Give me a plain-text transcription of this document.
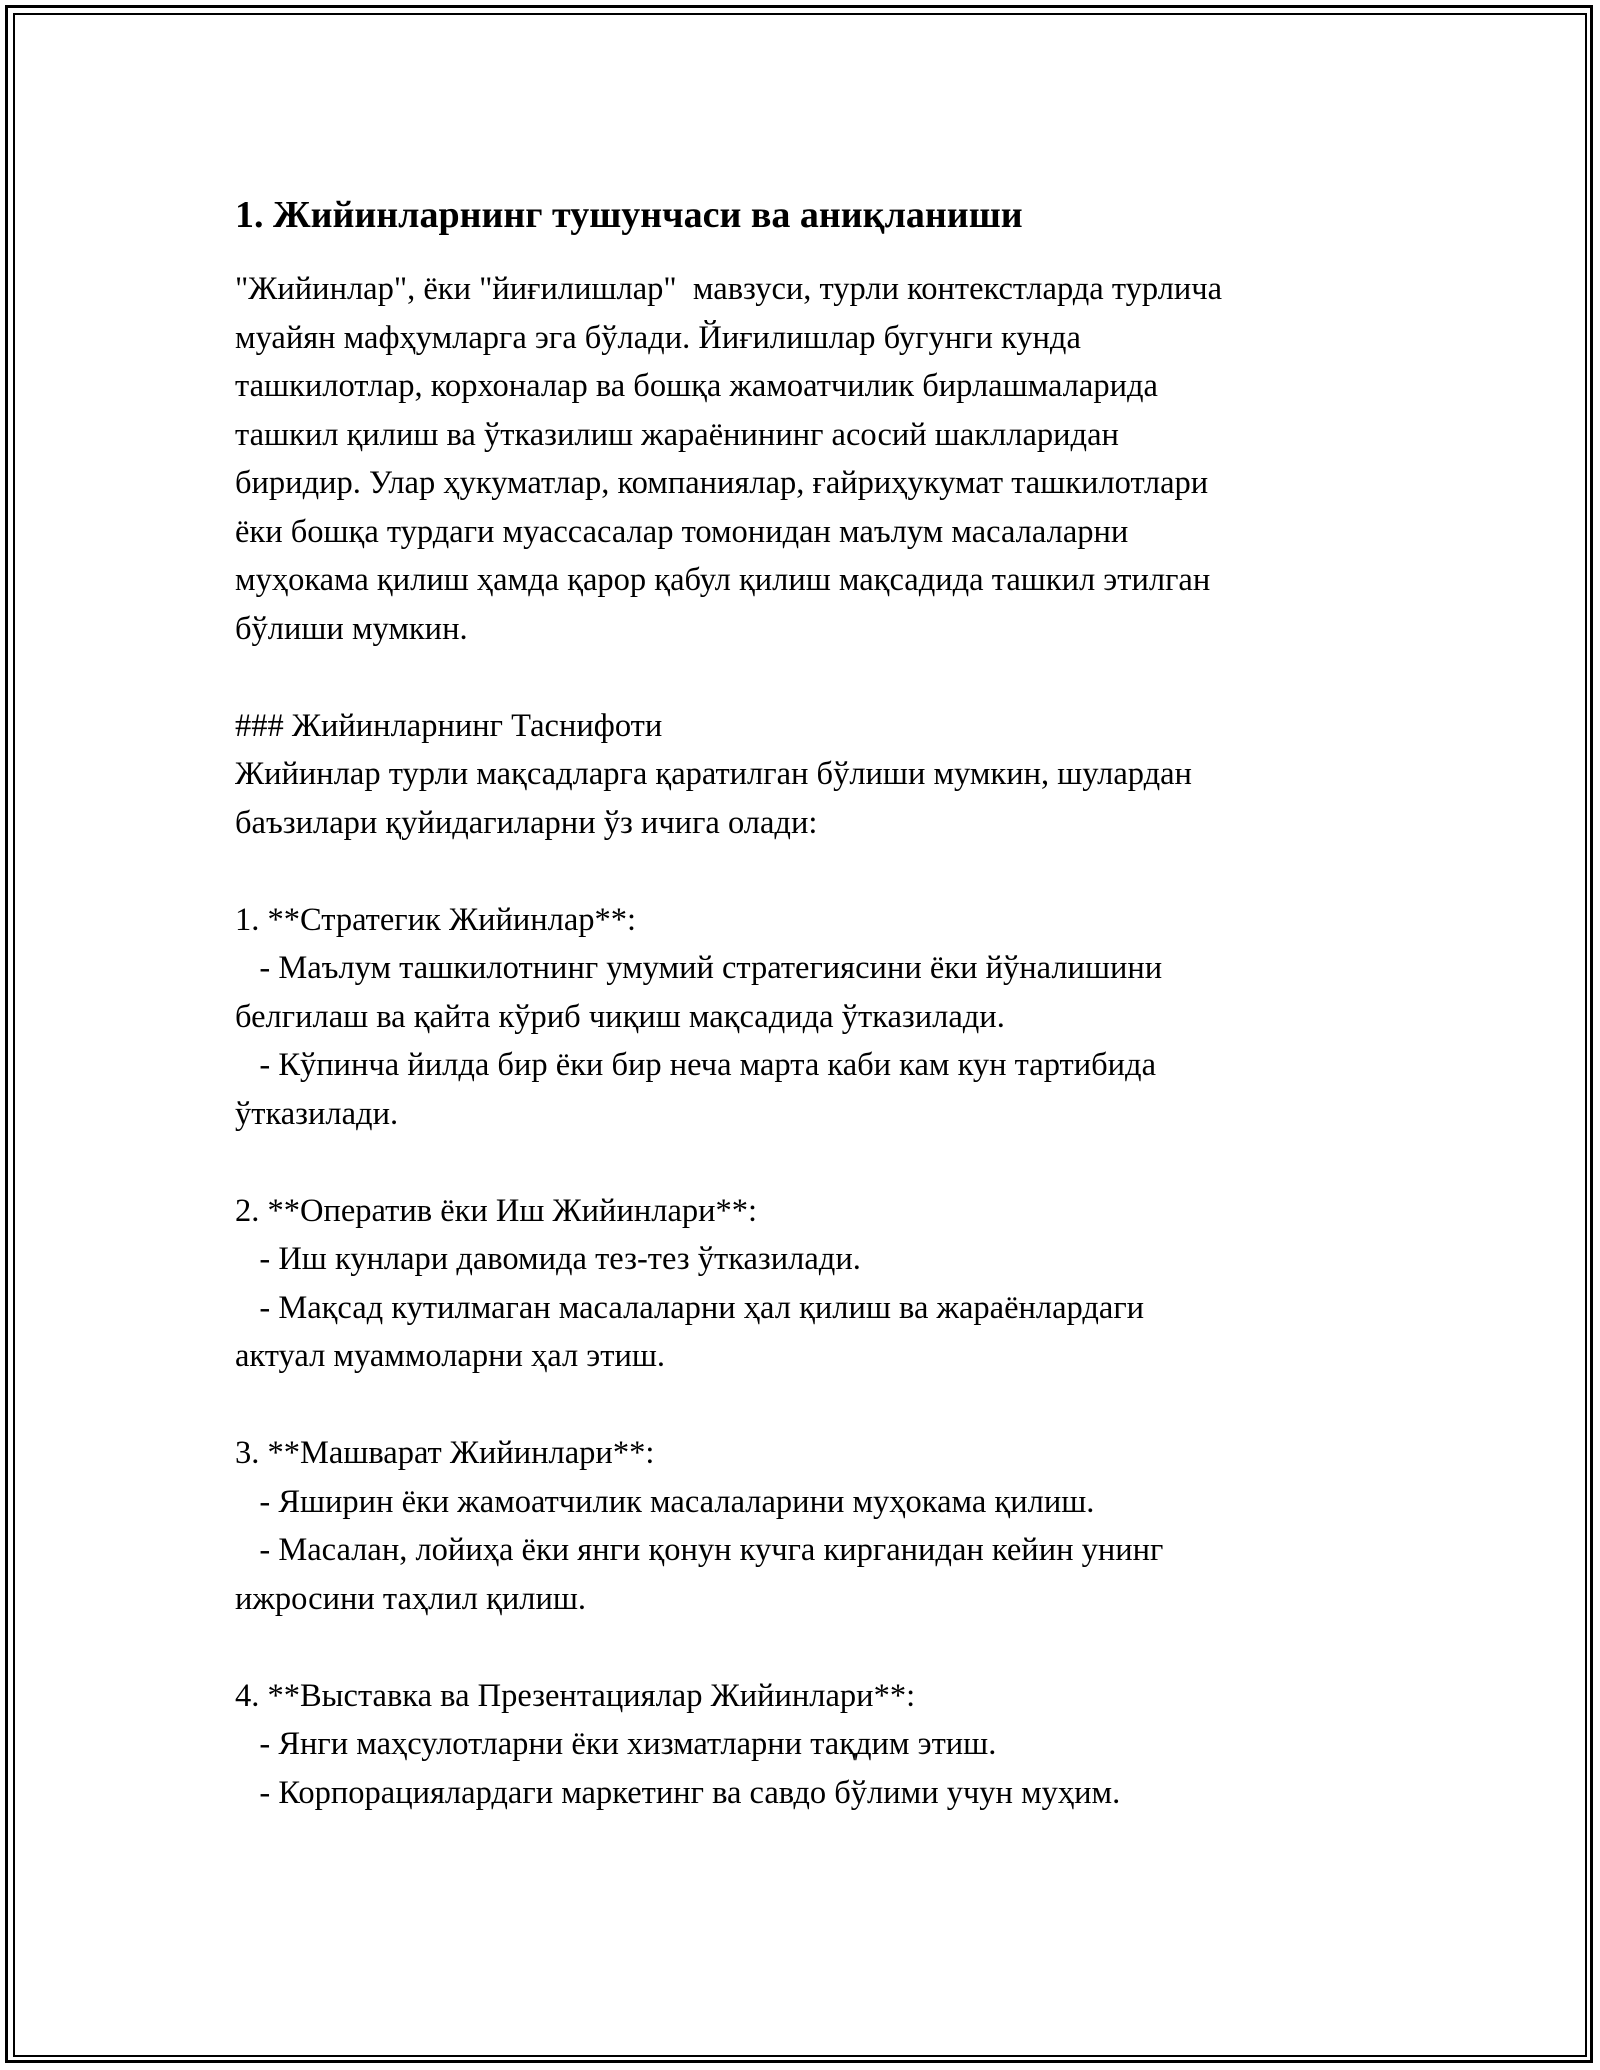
1. Жийинларнинг тушунчаси ва аниқланиши

"Жийинлар", ёки "йиғилишлар"  мавзуси, турли контекстларда турлича

муайян мафҳумларга эга бўлади. Йиғилишлар бугунги кунда

ташкилотлар, корхоналар ва бошқа жамоатчилик бирлашмаларида

ташкил қилиш ва ўтказилиш жараёнининг асосий шаклларидан

биридир. Улар ҳукуматлар, компаниялар, ғайриҳукумат ташкилотлари

ёки бошқа турдаги муассасалар томонидан маълум масалаларни

муҳокама қилиш ҳамда қарор қабул қилиш мақсадида ташкил этилган

бўлиши мумкин.

### Жийинларнинг Таснифоти

Жийинлар турли мақсадларга қаратилган бўлиши мумкин, шулардан

баъзилари қуйидагиларни ўз ичига олади:

1. **Стратегик Жийинлар**:

- Маълум ташкилотнинг умумий стратегиясини ёки йўналишини

белгилаш ва қайта кўриб чиқиш мақсадида ўтказилади.

- Кўпинча йилда бир ёки бир неча марта каби кам кун тартибида

ўтказилади.

2. **Оператив ёки Иш Жийинлари**:

- Иш кунлари давомида тез-тез ўтказилади.

- Мақсад кутилмаган масалаларни ҳал қилиш ва жараёнлардаги

актуал муаммоларни ҳал этиш.

3. **Машварат Жийинлари**:

- Яширин ёки жамоатчилик масалаларини муҳокама қилиш.

- Масалан, лойиҳа ёки янги қонун кучга кирганидан кейин унинг

ижросини таҳлил қилиш.

4. **Выставка ва Презентациялар Жийинлари**:

- Янги маҳсулотларни ёки хизматларни тақдим этиш.

- Корпорациялардаги маркетинг ва савдо бўлими учун муҳим.
